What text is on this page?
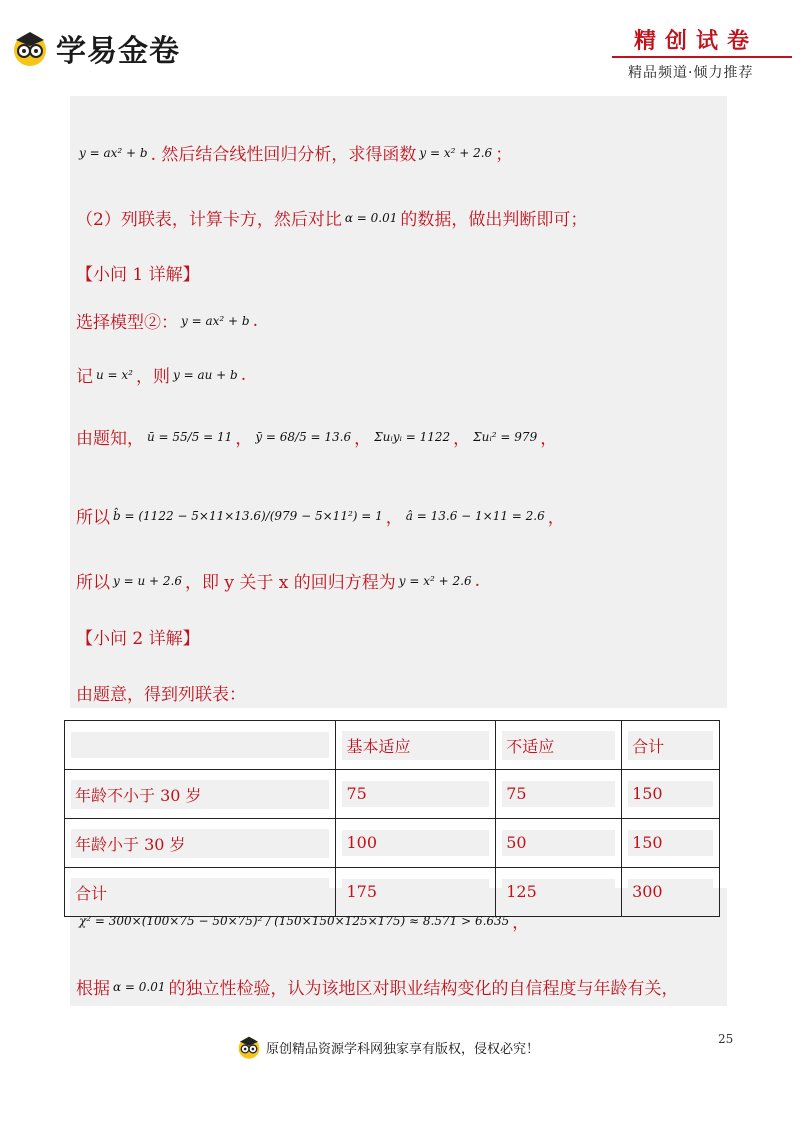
学易金卷	精创试卷
精品频道·倾力推荐
y = ax² + b . 然后结合线性回归分析，求得函数 y = x² + 2.6 ；
（2）列联表，计算卡方，然后对比 α = 0.01 的数据，做出判断即可；
【小问 1 详解】
选择模型②： y = ax² + b .
记 u = x² ，则 y = au + b .
由题知， ū = 55/5 = 11 ， ȳ = 68/5 = 13.6 ， Σuᵢyᵢ = 1122 ， Σuᵢ² = 979 ，
所以 b̂ = (1122 − 5×11×13.6)/(979 − 5×11²) = 1 ， â = 13.6 − 1×11 = 2.6 ，
所以 y = u + 2.6 ，即 y 关于 x 的回归方程为 y = x² + 2.6 .
【小问 2 详解】
由题意，得到列联表：

	基本适应	不适应	合计

年龄不小于 30 岁	75	75	150

年龄小于 30 岁	100	50	150

合计	175	125	300
χ² = 300×(100×75 − 50×75)² / (150×150×125×175) ≈ 8.571 > 6.635 ，
根据 α = 0.01 的独立性检验，认为该地区对职业结构变化的自信程度与年龄有关，
原创精品资源学科网独家享有版权，侵权必究！
25
